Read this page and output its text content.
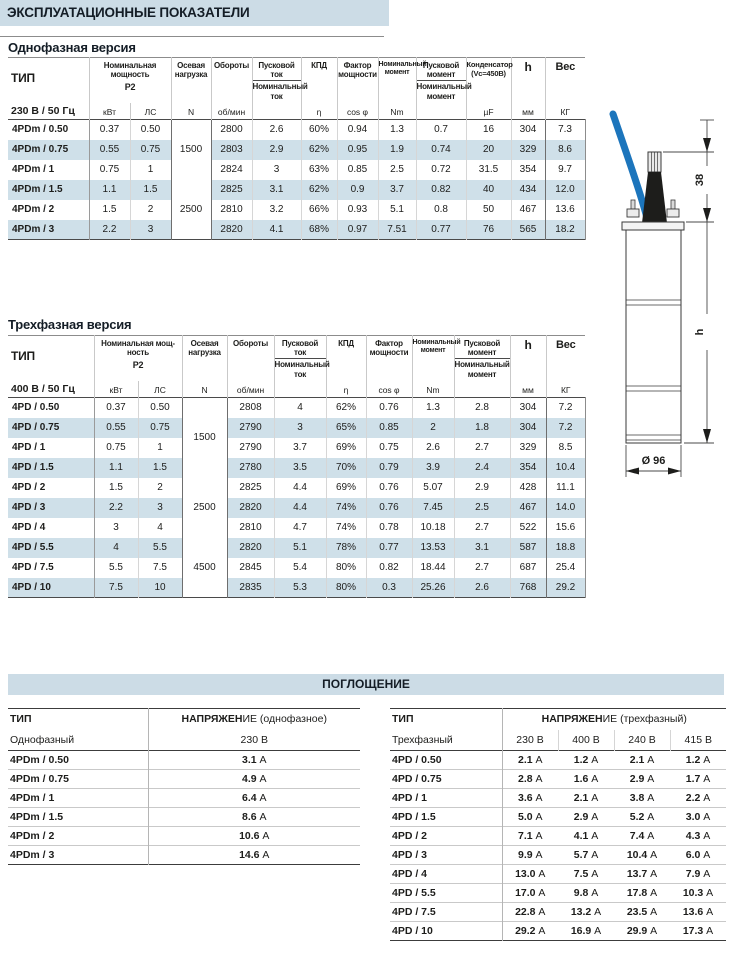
ЭКСПЛУАТАЦИОННЫЕ ПОКАЗАТЕЛИ
Однофазная версия
ТИП	
Номинальная мощность
P2
	Осевая нагрузка	Обороты	Пусковой ток
Номинальный ток	КПД	Фактор мощности	Номинальный момент	Пусковой момент
Номинальный момент	Конденсатор (Vc=450В)	h	Вес
230 В / 50 Гц	кВт	ЛС	N	об/мин		η	cos φ	Nm		µF	мм	КГ
4PDm / 0.50	0.37	0.50	1500	2800	2.6	60%	0.94	1.3	0.7	16	304	7.3
4PDm / 0.75	0.55	0.75		2803	2.9	62%	0.95	1.9	0.74	20	329	8.6
4PDm / 1	0.75	1		2824	3	63%	0.85	2.5	0.72	31.5	354	9.7
4PDm / 1.5	1.1	1.5	2500	2825	3.1	62%	0.9	3.7	0.82	40	434	12.0
4PDm / 2	1.5	2		2810	3.2	66%	0.93	5.1	0.8	50	467	13.6
4PDm / 3	2.2	3		2820	4.1	68%	0.97	7.51	0.77	76	565	18.2
Трехфазная версия
ТИП	
Номинальная мощ-ность
P2
	Осевая нагрузка	Обороты	Пусковой ток
Номинальный ток	КПД	Фактор мощности	Номинальный момент	Пусковой момент
Номинальный момент	h	Вес
400 В / 50 Гц	кВт	ЛС	N	об/мин		η	cos φ	Nm		мм	КГ
4PD / 0.50	0.37	0.50	1500	2808	4	62%	0.76	1.3	2.8	304	7.2
4PD / 0.75	0.55	0.75		2790	3	65%	0.85	2	1.8	304	7.2
4PD / 1	0.75	1		2790	3.7	69%	0.75	2.6	2.7	329	8.5
4PD / 1.5	1.1	1.5		2780	3.5	70%	0.79	3.9	2.4	354	10.4
4PD / 2	1.5	2	2500	2825	4.4	69%	0.76	5.07	2.9	428	11.1
4PD / 3	2.2	3		2820	4.4	74%	0.76	7.45	2.5	467	14.0
4PD / 4	3	4		2810	4.7	74%	0.78	10.18	2.7	522	15.6
4PD / 5.5	4	5.5	4500	2820	5.1	78%	0.77	13.53	3.1	587	18.8
4PD / 7.5	5.5	7.5		2845	5.4	80%	0.82	18.44	2.7	687	25.4
4PD / 10	7.5	10		2835	5.3	80%	0.3	25.26	2.6	768	29.2
ПОГЛОЩЕНИЕ
ТИП	НАПРЯЖЕНИЕ (однофазное)
Однофазный	230 В
4PDm / 0.50	3.1 A
4PDm / 0.75	4.9 A
4PDm / 1	6.4 A
4PDm / 1.5	8.6 A
4PDm / 2	10.6 A
4PDm / 3	14.6 A
ТИП	НАПРЯЖЕНИЕ (трехфазный)			
Трехфазный	230 В	400 В	240 В	415 В
4PD / 0.50	2.1 A	1.2 A	2.1 A	1.2 A
4PD / 0.75	2.8 A	1.6 A	2.9 A	1.7 A
4PD / 1	3.6 A	2.1 A	3.8 A	2.2 A
4PD / 1.5	5.0 A	2.9 A	5.2 A	3.0 A
4PD / 2	7.1 A	4.1 A	7.4 A	4.3 A
4PD / 3	9.9 A	5.7 A	10.4 A	6.0 A
4PD / 4	13.0 A	7.5 A	13.7 A	7.9 A
4PD / 5.5	17.0 A	9.8 A	17.8 A	10.3 A
4PD / 7.5	22.8 A	13.2 A	23.5 A	13.6 A
4PD / 10	29.2 A	16.9 A	29.9 A	17.3 A
38
h
Ø 96
